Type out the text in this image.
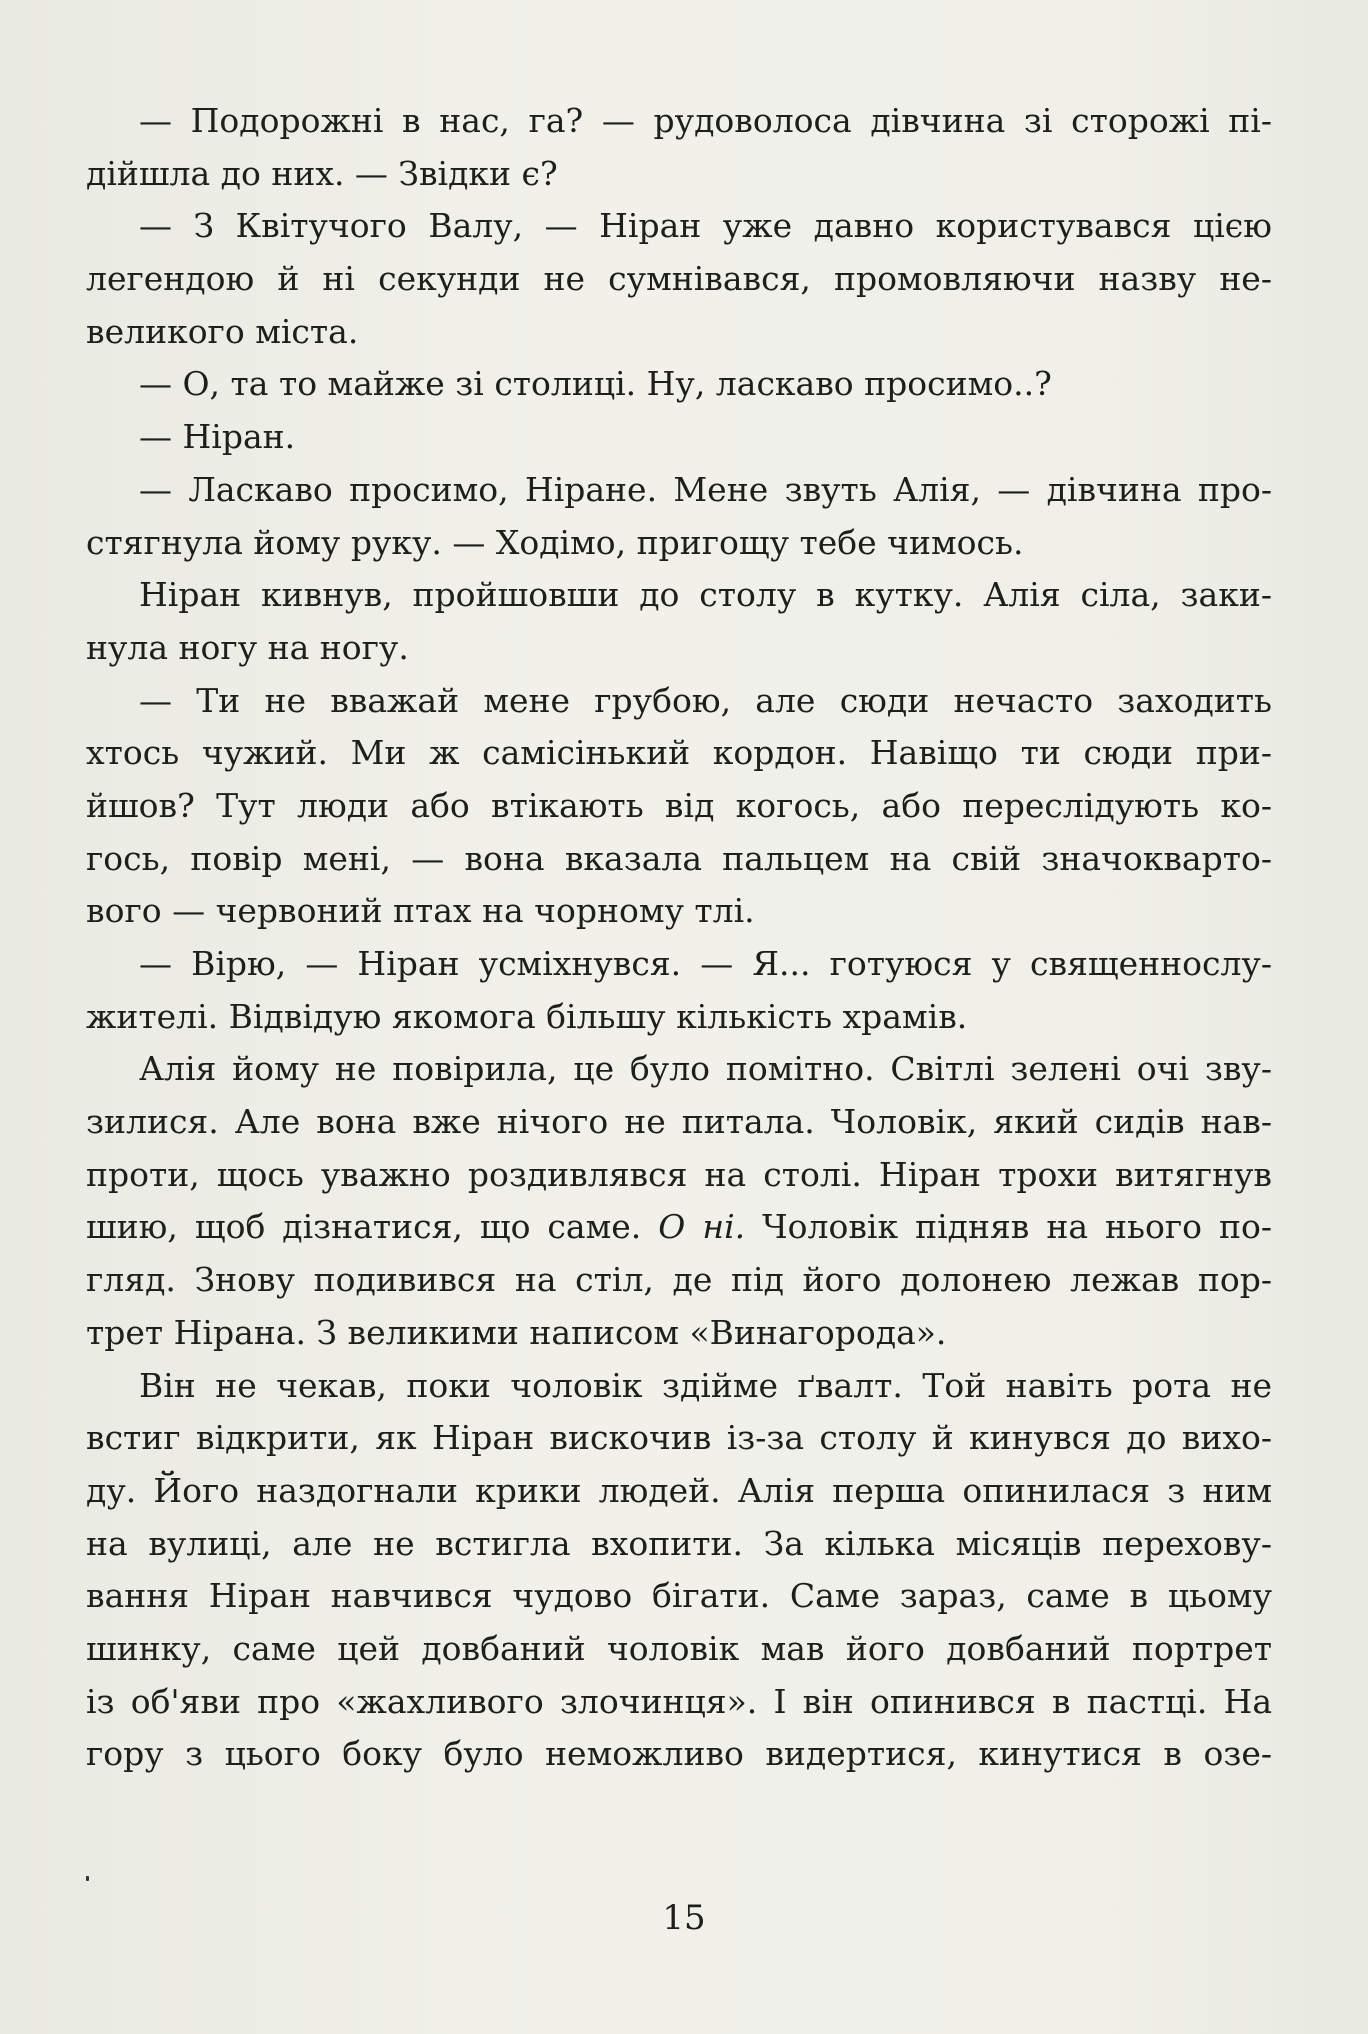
— Подорожні в нас, га? — рудоволоса дівчина зі сторожі пі-
дійшла до них. — Звідки є?
— З Квітучого Валу, — Ніран уже давно користувався цією
легендою й ні секунди не сумнівався, промовляючи назву не-
великого міста.
— О, та то майже зі столиці. Ну, ласкаво просимо..?
— Ніран.
— Ласкаво просимо, Ніране. Мене звуть Алія, — дівчина про-
стягнула йому руку. — Ходімо, пригощу тебе чимось.
Ніран кивнув, пройшовши до столу в кутку. Алія сіла, заки-
нула ногу на ногу.
— Ти не вважай мене грубою, але сюди нечасто заходить
хтось чужий. Ми ж самісінький кордон. Навіщо ти сюди при-
йшов? Тут люди або втікають від когось, або переслідують ко-
гось, повір мені, — вона вказала пальцем на свій значокварто-
вого — червоний птах на чорному тлі.
— Вірю, — Ніран усміхнувся. — Я... готуюся у священнослу-
жителі. Відвідую якомога більшу кількість храмів.
Алія йому не повірила, це було помітно. Світлі зелені очі зву-
зилися. Але вона вже нічого не питала. Чоловік, який сидів нав-
проти, щось уважно роздивлявся на столі. Ніран трохи витягнув
шию, щоб дізнатися, що саме. О ні. Чоловік підняв на нього по-
гляд. Знову подивився на стіл, де під його долонею лежав пор-
трет Нірана. З великими написом «Винагорода».
Він не чекав, поки чоловік здійме ґвалт. Той навіть рота не
встиг відкрити, як Ніран вискочив із-за столу й кинувся до вихо-
ду. Його наздогнали крики людей. Алія перша опинилася з ним
на вулиці, але не встигла вхопити. За кілька місяців перехову-
вання Ніран навчився чудово бігати. Саме зараз, саме в цьому
шинку, саме цей довбаний чоловік мав його довбаний портрет
із об'яви про «жахливого злочинця». І він опинився в пастці. На
гору з цього боку було неможливо видертися, кинутися в озе-
15
